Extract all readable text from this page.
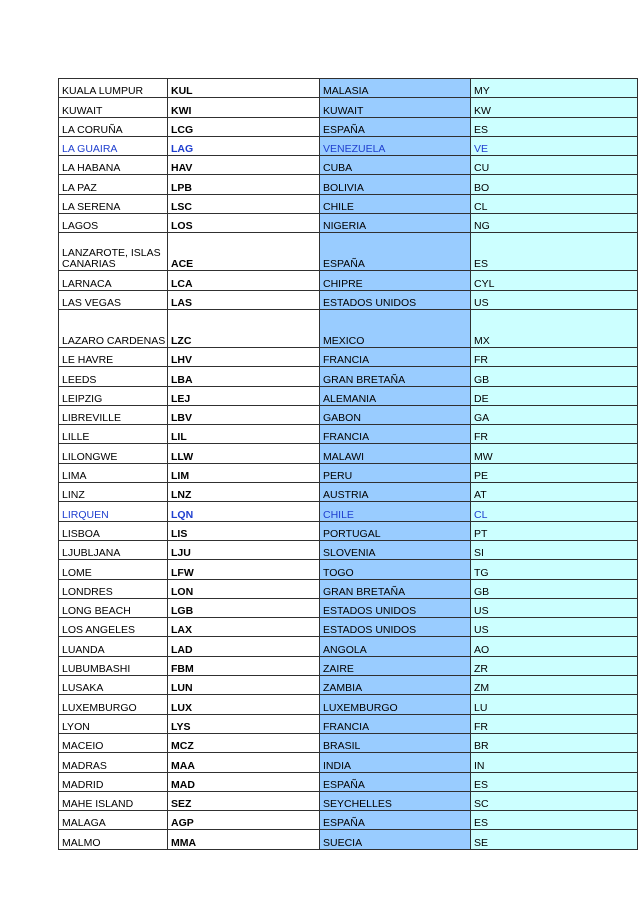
KUALA LUMPUR	KUL	MALASIA	MY
KUWAIT	KWI	KUWAIT	KW
LA CORUÑA	LCG	ESPAÑA	ES
LA GUAIRA	LAG	VENEZUELA	VE
LA HABANA	HAV	CUBA	CU
LA PAZ	LPB	BOLIVIA	BO
LA SERENA	LSC	CHILE	CL
LAGOS	LOS	NIGERIA	NG
LANZAROTE, ISLAS CANARIAS	ACE	ESPAÑA	ES
LARNACA	LCA	CHIPRE	CYL
LAS VEGAS	LAS	ESTADOS UNIDOS	US
LAZARO CARDENAS	LZC	MEXICO	MX
LE HAVRE	LHV	FRANCIA	FR
LEEDS	LBA	GRAN BRETAÑA	GB
LEIPZIG	LEJ	ALEMANIA	DE
LIBREVILLE	LBV	GABON	GA
LILLE	LIL	FRANCIA	FR
LILONGWE	LLW	MALAWI	MW
LIMA	LIM	PERU	PE
LINZ	LNZ	AUSTRIA	AT
LIRQUEN	LQN	CHILE	CL
LISBOA	LIS	PORTUGAL	PT
LJUBLJANA	LJU	SLOVENIA	SI
LOME	LFW	TOGO	TG
LONDRES	LON	GRAN BRETAÑA	GB
LONG BEACH	LGB	ESTADOS UNIDOS	US
LOS ANGELES	LAX	ESTADOS UNIDOS	US
LUANDA	LAD	ANGOLA	AO
LUBUMBASHI	FBM	ZAIRE	ZR
LUSAKA	LUN	ZAMBIA	ZM
LUXEMBURGO	LUX	LUXEMBURGO	LU
LYON	LYS	FRANCIA	FR
MACEIO	MCZ	BRASIL	BR
MADRAS	MAA	INDIA	IN
MADRID	MAD	ESPAÑA	ES
MAHE ISLAND	SEZ	SEYCHELLES	SC
MALAGA	AGP	ESPAÑA	ES
MALMO	MMA	SUECIA	SE
